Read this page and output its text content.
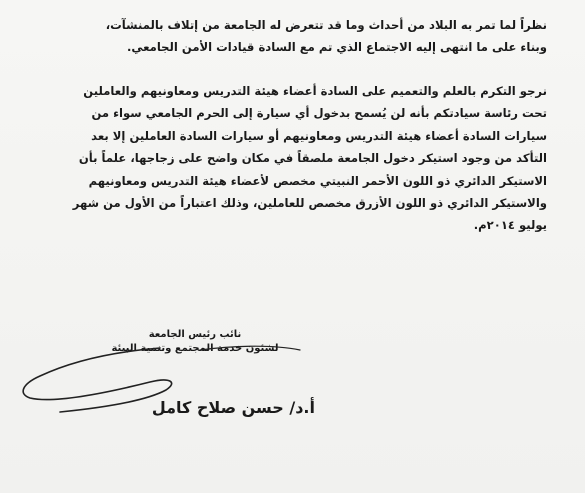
نظراً لما تمر به البلاد من أحداث وما قد تتعرض له الجامعة من إتلاف بالمنشآت،
وبناء على ما انتهى إليه الاجتماع الذي تم مع السادة قيادات الأمن الجامعي.
نرجو التكرم بالعلم والتعميم على السادة أعضاء هيئة التدريس ومعاونيهم والعاملين
تحت رئاسة سيادتكم بأنه لن يُسمح بدخول أي سيارة إلى الحرم الجامعي سواء من
سيارات السادة أعضاء هيئة التدريس ومعاونيهم أو سيارات السادة العاملين إلا بعد
التأكد من وجود استيكر دخول الجامعة ملصقاً في مكان واضح على زجاجها، علماً بأن
الاستيكر الدائري ذو اللون الأحمر النبيتي مخصص لأعضاء هيئة التدريس ومعاونيهم
والاستيكر الدائري ذو اللون الأزرق مخصص للعاملين، وذلك اعتباراً من الأول من شهر
يوليو ٢٠١٤م.
نائب رئيس الجامعة
لشئون خدمة المجتمع وتنمية البيئة
أ.د/ حسن صلاح كامل
